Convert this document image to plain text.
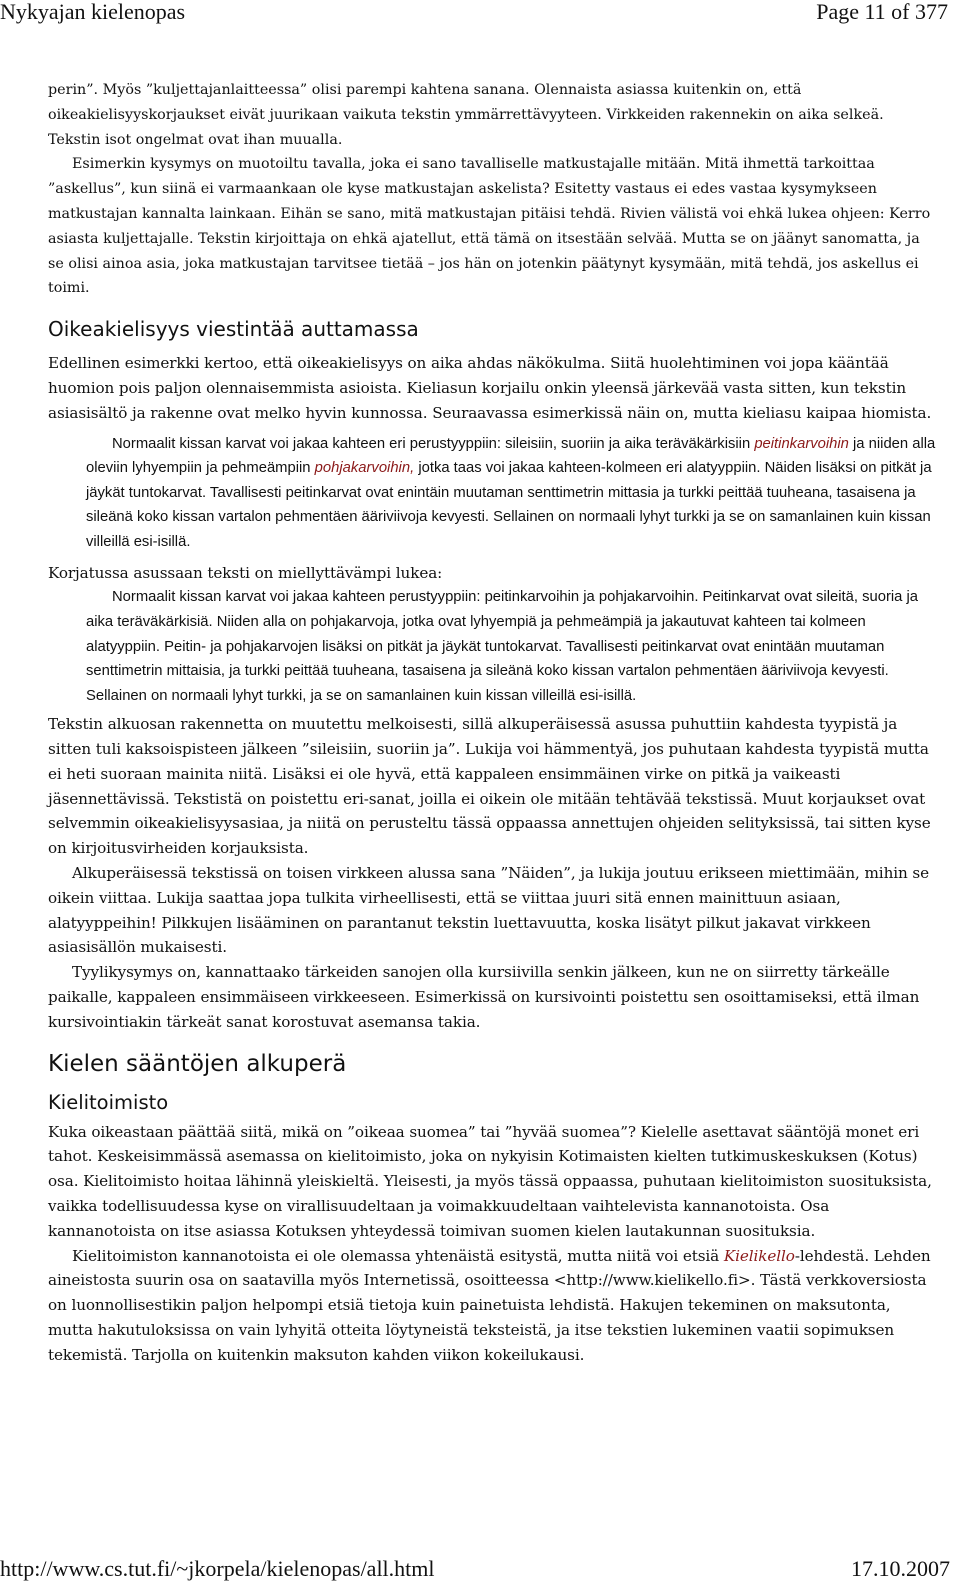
Nykyajan kielenopas	Page 11 of 377

perin”. Myös ”kuljettajanlaitteessa” olisi parempi kahtena sanana. Olennaista asiassa kuitenkin on, että oikeakielisyyskorjaukset eivät juurikaan vaikuta tekstin ymmärrettävyyteen. Virkkeiden rakennekin on aika selkeä. Tekstin isot ongelmat ovat ihan muualla.

Esimerkin kysymys on muotoiltu tavalla, joka ei sano tavalliselle matkustajalle mitään. Mitä ihmettä tarkoittaa ”askellus”, kun siinä ei varmaankaan ole kyse matkustajan askelista? Esitetty vastaus ei edes vastaa kysymykseen matkustajan kannalta lainkaan. Eihän se sano, mitä matkustajan pitäisi tehdä. Rivien välistä voi ehkä lukea ohjeen: Kerro asiasta kuljettajalle. Tekstin kirjoittaja on ehkä ajatellut, että tämä on itsestään selvää. Mutta se on jäänyt sanomatta, ja se olisi ainoa asia, joka matkustajan tarvitsee tietää – jos hän on jotenkin päätynyt kysymään, mitä tehdä, jos askellus ei toimi.

Oikeakielisyys viestintää auttamassa

Edellinen esimerkki kertoo, että oikeakielisyys on aika ahdas näkökulma. Siitä huolehtiminen voi jopa kääntää huomion pois paljon olennaisemmista asioista. Kieliasun korjailu onkin yleensä järkevää vasta sitten, kun tekstin asiasisältö ja rakenne ovat melko hyvin kunnossa. Seuraavassa esimerkissä näin on, mutta kieliasu kaipaa hiomista.

Normaalit kissan karvat voi jakaa kahteen eri perustyyppiin: sileisiin, suoriin ja aika teräväkärkisiin peitinkarvoihin ja niiden alla oleviin lyhyempiin ja pehmeämpiin pohjakarvoihin, jotka taas voi jakaa kahteen-kolmeen eri alatyyppiin. Näiden lisäksi on pitkät ja jäykät tuntokarvat. Tavallisesti peitinkarvat ovat enintäin muutaman senttimetrin mittasia ja turkki peittää tuuheana, tasaisena ja sileänä koko kissan vartalon pehmentäen ääriviivoja kevyesti. Sellainen on normaali lyhyt turkki ja se on samanlainen kuin kissan villeillä esi-isillä.

Korjatussa asussaan teksti on miellyttävämpi lukea:

Normaalit kissan karvat voi jakaa kahteen perustyyppiin: peitinkarvoihin ja pohjakarvoihin. Peitinkarvat ovat sileitä, suoria ja aika teräväkärkisiä. Niiden alla on pohjakarvoja, jotka ovat lyhyempiä ja pehmeämpiä ja jakautuvat kahteen tai kolmeen alatyyppiin. Peitin- ja pohjakarvojen lisäksi on pitkät ja jäykät tuntokarvat. Tavallisesti peitinkarvat ovat enintään muutaman senttimetrin mittaisia, ja turkki peittää tuuheana, tasaisena ja sileänä koko kissan vartalon pehmentäen ääriviivoja kevyesti. Sellainen on normaali lyhyt turkki, ja se on samanlainen kuin kissan villeillä esi-isillä.

Tekstin alkuosan rakennetta on muutettu melkoisesti, sillä alkuperäisessä asussa puhuttiin kahdesta tyypistä ja sitten tuli kaksoispisteen jälkeen ”sileisiin, suoriin ja”. Lukija voi hämmentyä, jos puhutaan kahdesta tyypistä mutta ei heti suoraan mainita niitä. Lisäksi ei ole hyvä, että kappaleen ensimmäinen virke on pitkä ja vaikeasti jäsennettävissä. Tekstistä on poistettu eri-sanat, joilla ei oikein ole mitään tehtävää tekstissä. Muut korjaukset ovat selvemmin oikeakielisyysasiaa, ja niitä on perusteltu tässä oppaassa annettujen ohjeiden selityksissä, tai sitten kyse on kirjoitusvirheiden korjauksista.

Alkuperäisessä tekstissä on toisen virkkeen alussa sana ”Näiden”, ja lukija joutuu erikseen miettimään, mihin se oikein viittaa. Lukija saattaa jopa tulkita virheellisesti, että se viittaa juuri sitä ennen mainittuun asiaan, alatyyppeihin! Pilkkujen lisääminen on parantanut tekstin luettavuutta, koska lisätyt pilkut jakavat virkkeen asiasisällön mukaisesti.

Tyylikysymys on, kannattaako tärkeiden sanojen olla kursiivilla senkin jälkeen, kun ne on siirretty tärkeälle paikalle, kappaleen ensimmäiseen virkkeeseen. Esimerkissä on kursivointi poistettu sen osoittamiseksi, että ilman kursivointiakin tärkeät sanat korostuvat asemansa takia.

Kielen sääntöjen alkuperä
Kielitoimisto

Kuka oikeastaan päättää siitä, mikä on ”oikeaa suomea” tai ”hyvää suomea”? Kielelle asettavat sääntöjä monet eri tahot. Keskeisimmässä asemassa on kielitoimisto, joka on nykyisin Kotimaisten kielten tutkimuskeskuksen (Kotus) osa. Kielitoimisto hoitaa lähinnä yleiskieltä. Yleisesti, ja myös tässä oppaassa, puhutaan kielitoimiston suosituksista, vaikka todellisuudessa kyse on virallisuudeltaan ja voimakkuudeltaan vaihtelevista kannanotoista. Osa kannanotoista on itse asiassa Kotuksen yhteydessä toimivan suomen kielen lautakunnan suosituksia.

Kielitoimiston kannanotoista ei ole olemassa yhtenäistä esitystä, mutta niitä voi etsiä Kielikello-lehdestä. Lehden aineistosta suurin osa on saatavilla myös Internetissä, osoitteessa <http://www.kielikello.fi>. Tästä verkkoversiosta on luonnollisestikin paljon helpompi etsiä tietoja kuin painetuista lehdistä. Hakujen tekeminen on maksutonta, mutta hakutuloksissa on vain lyhyitä otteita löytyneistä teksteistä, ja itse tekstien lukeminen vaatii sopimuksen tekemistä. Tarjolla on kuitenkin maksuton kahden viikon kokeilukausi.

http://www.cs.tut.fi/~jkorpela/kielenopas/all.html	17.10.2007
